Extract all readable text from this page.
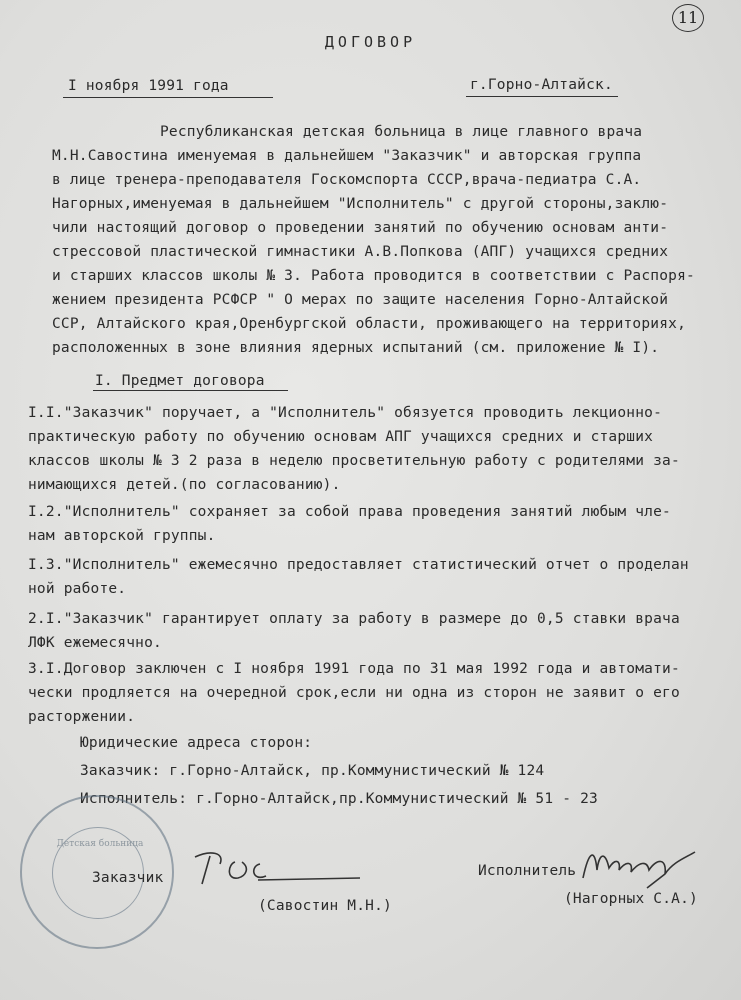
11
ДОГОВОР
I ноября 1991 года	г.Горно-Алтайск.
Республиканская детская больница в лице главного врача
М.Н.Савостина именуемая в дальнейшем "Заказчик" и авторская группа
в лице тренера-преподавателя Госкомспорта СССР,врача-педиатра С.А.
Нагорных,именуемая в дальнейшем "Исполнитель" с другой стороны,заклю-
чили настоящий договор о проведении занятий по обучению основам анти-
стрессовой пластической гимнастики А.В.Попкова (АПГ) учащихся средних
и старших классов школы № 3. Работа проводится в соответствии с Распоря-
жением президента РСФСР " О мерах по защите населения Горно-Алтайской
ССР, Алтайского края,Оренбургской области, проживающего на территориях,
расположенных в зоне влияния ядерных испытаний (см. приложение № I).
I. Предмет договора
I.I."Заказчик" поручает, а "Исполнитель" обязуется проводить лекционно-
практическую работу по обучению основам АПГ учащихся средних и старших
классов школы № 3 2 раза в неделю просветительную работу с родителями за-
нимающихся детей.(по согласованию).
I.2."Исполнитель" сохраняет за собой права проведения занятий любым чле-
нам авторской группы.
I.3."Исполнитель" ежемесячно предоставляет статистический отчет о проделан
ной работе.
2.I."Заказчик" гарантирует оплату за работу в размере до 0,5 ставки врача
ЛФК ежемесячно.
3.I.Договор заключен с I ноября 1991 года по 31 мая 1992 года и автомати-
чески продляется на очередной срок,если ни одна из сторон не заявит о его
расторжении.
Юридические адреса сторон:
Заказчик: г.Горно-Алтайск, пр.Коммунистический № 124
Исполнитель: г.Горно-Алтайск,пр.Коммунистический № 51 - 23
Детская больница
Заказчик
(Савостин М.Н.)
Исполнитель
(Нагорных С.А.)
